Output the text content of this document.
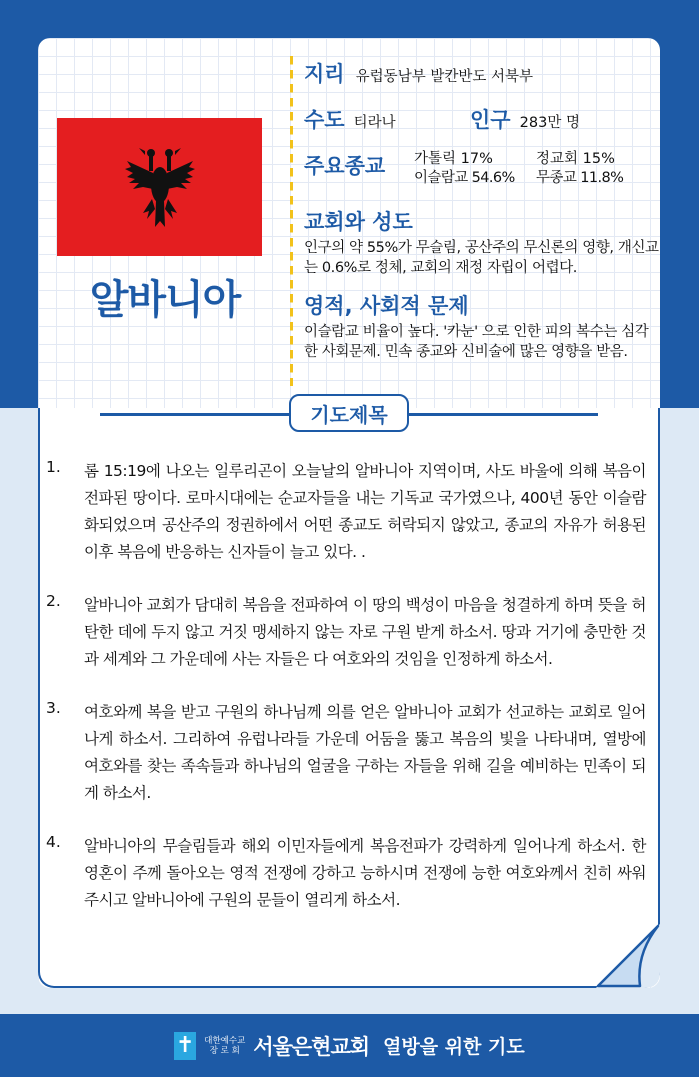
알바니아
지리 유럽동남부 발칸반도 서북부
수도 티라나	인구 283만 명
주요종교 가톨릭 17%	정교회 15%
이슬람교 54.6%	무종교 11.8%
교회와 성도
인구의 약 55%가 무슬림, 공산주의 무신론의 영향, 개신교는 0.6%로 정체, 교회의 재정 자립이 어렵다.
영적, 사회적 문제
이슬람교 비율이 높다. '카눈' 으로 인한 피의 복수는 심각한 사회문제. 민속 종교와 신비술에 많은 영향을 받음.
기도제목
1.	롬 15:19에 나오는 일루리곤이 오늘날의 알바니아 지역이며, 사도 바울에 의해 복음이 전파된 땅이다. 로마시대에는 순교자들을 내는 기독교 국가였으나, 400년 동안 이슬람화되었으며 공산주의 정권하에서 어떤 종교도 허락되지 않았고, 종교의 자유가 허용된 이후 복음에 반응하는 신자들이 늘고 있다. .
2.	알바니아 교회가 담대히 복음을 전파하여 이 땅의 백성이 마음을 청결하게 하며 뜻을 허탄한 데에 두지 않고 거짓 맹세하지 않는 자로 구원 받게 하소서. 땅과 거기에 충만한 것과 세계와 그 가운데에 사는 자들은 다 여호와의 것임을 인정하게 하소서.
3.	여호와께 복을 받고 구원의 하나님께 의를 얻은 알바니아 교회가 선교하는 교회로 일어나게 하소서. 그리하여 유럽나라들 가운데 어둠을 뚫고 복음의 빛을 나타내며, 열방에 여호와를 찾는 족속들과 하나님의 얼굴을 구하는 자들을 위해 길을 예비하는 민족이 되게 하소서.
4.	알바니아의 무슬림들과 해외 이민자들에게 복음전파가 강력하게 일어나게 하소서. 한 영혼이 주께 돌아오는 영적 전쟁에 강하고 능하시며 전쟁에 능한 여호와께서 친히 싸워주시고 알바니아에 구원의 문들이 열리게 하소서.
✝ 대한예수교
장 로 회 서울은현교회 열방을 위한 기도
